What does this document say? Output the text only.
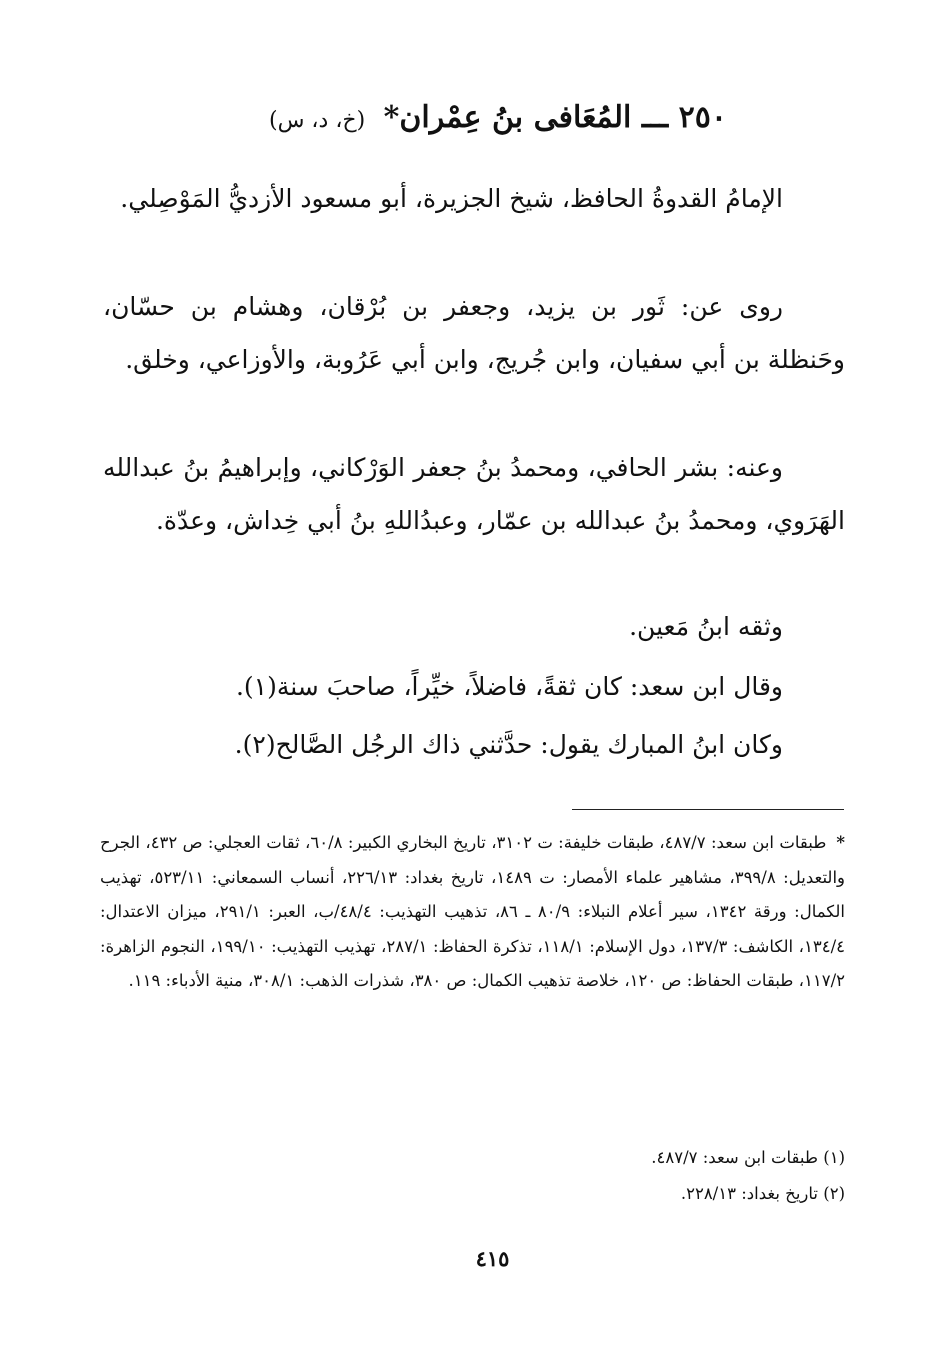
٢٥٠ ـــ المُعَافى بنُ عِمْران* (خ، د، س)

الإمامُ القدوةُ الحافظ، شيخ الجزيرة، أبو مسعود الأزديُّ المَوْصِلي.

روى عن: ثَور بن يزيد، وجعفر بن بُرْقان، وهشام بن حسّان، وحَنظلة بن أبي سفيان، وابن جُريج، وابن أبي عَرُوبة، والأوزاعي، وخلق.

وعنه: بشر الحافي، ومحمدُ بنُ جعفر الوَرْكاني، وإبراهيمُ بنُ عبدالله الهَرَوي، ومحمدُ بنُ عبدالله بن عمّار، وعبدُاللهِ بنُ أبي خِداش، وعدّة.

وثقه ابنُ مَعين.

وقال ابن سعد: كان ثقةً، فاضلاً، خيِّراً، صاحبَ سنة(١).

وكان ابنُ المبارك يقول: حدَّثني ذاك الرجُل الصَّالح(٢).

*طبقات ابن سعد: ٤٨٧/٧، طبقات خليفة: ت ٣١٠٢، تاريخ البخاري الكبير: ٦٠/٨، ثقات العجلي: ص ٤٣٢، الجرح والتعديل: ٣٩٩/٨، مشاهير علماء الأمصار: ت ١٤٨٩، تاريخ بغداد: ٢٢٦/١٣، أنساب السمعاني: ٥٢٣/١١، تهذيب الكمال: ورقة ١٣٤٢، سير أعلام النبلاء: ٨٠/٩ ـ ٨٦، تذهيب التهذيب: ٤٨/٤/ب، العبر: ٢٩١/١، ميزان الاعتدال: ١٣٤/٤، الكاشف: ١٣٧/٣، دول الإسلام: ١١٨/١، تذكرة الحفاظ: ٢٨٧/١، تهذيب التهذيب: ١٩٩/١٠، النجوم الزاهرة: ١١٧/٢، طبقات الحفاظ: ص ١٢٠، خلاصة تذهيب الكمال: ص ٣٨٠، شذرات الذهب: ٣٠٨/١، منية الأدباء: ١١٩.
(١) طبقات ابن سعد: ٤٨٧/٧.
(٢) تاريخ بغداد: ٢٢٨/١٣.
٤١٥
